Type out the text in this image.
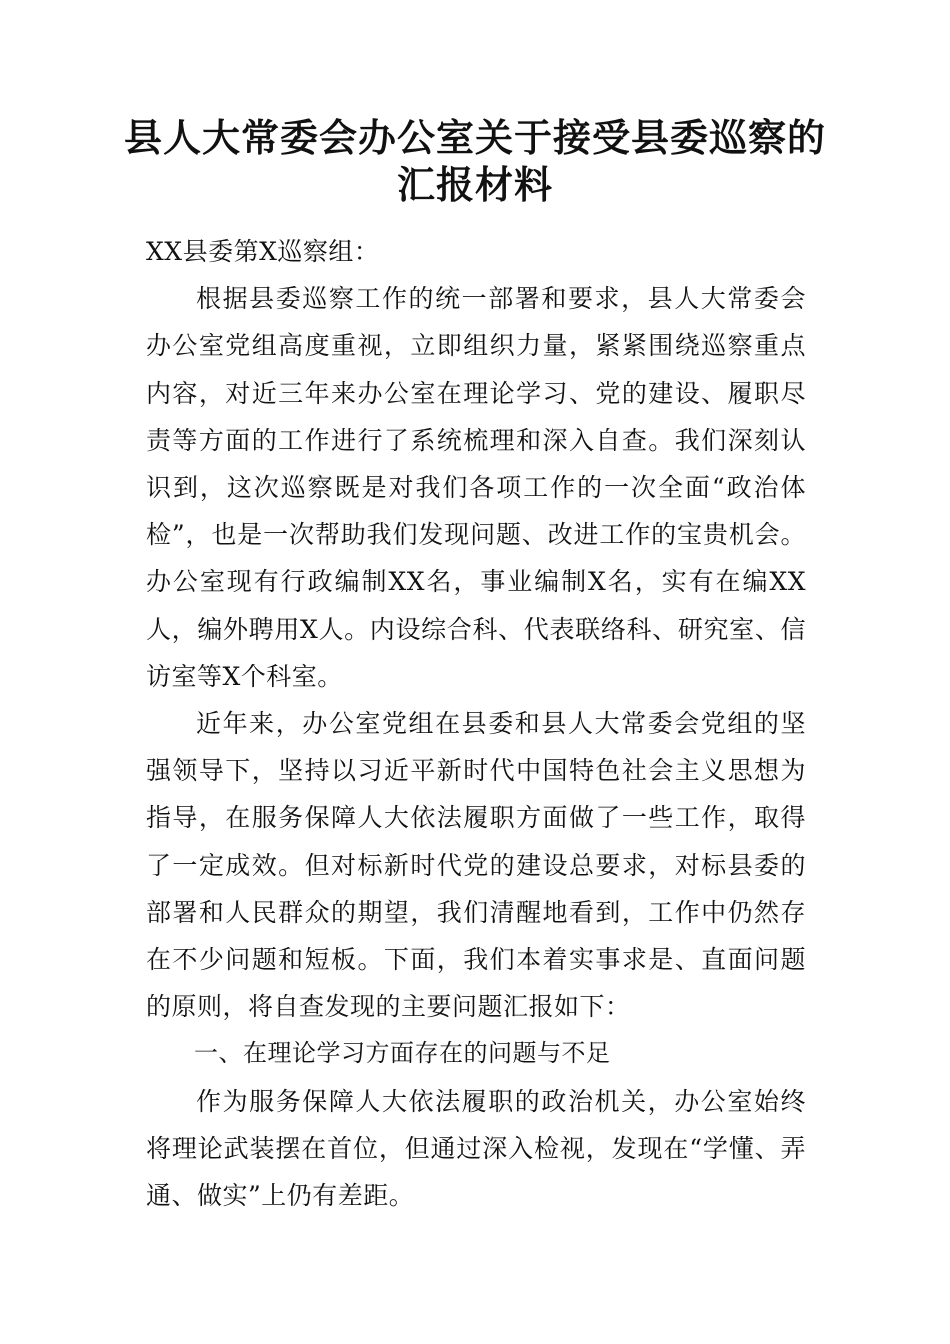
县人大常委会办公室关于接受县委巡察的
汇报材料

XX县委第X巡察组：

根据县委巡察工作的统一部署和要求，县人大常委会办公室党组高度重视，立即组织力量，紧紧围绕巡察重点内容，对近三年来办公室在理论学习、党的建设、履职尽责等方面的工作进行了系统梳理和深入自查。我们深刻认识到，这次巡察既是对我们各项工作的一次全面“政治体检”，也是一次帮助我们发现问题、改进工作的宝贵机会。办公室现有行政编制XX名，事业编制X名，实有在编XX人，编外聘用X人。内设综合科、代表联络科、研究室、信访室等X个科室。

近年来，办公室党组在县委和县人大常委会党组的坚强领导下，坚持以习近平新时代中国特色社会主义思想为指导，在服务保障人大依法履职方面做了一些工作，取得了一定成效。但对标新时代党的建设总要求，对标县委的部署和人民群众的期望，我们清醒地看到，工作中仍然存在不少问题和短板。下面，我们本着实事求是、直面问题的原则，将自查发现的主要问题汇报如下：

一、在理论学习方面存在的问题与不足

作为服务保障人大依法履职的政治机关，办公室始终将理论武装摆在首位，但通过深入检视，发现在“学懂、弄通、做实”上仍有差距。
